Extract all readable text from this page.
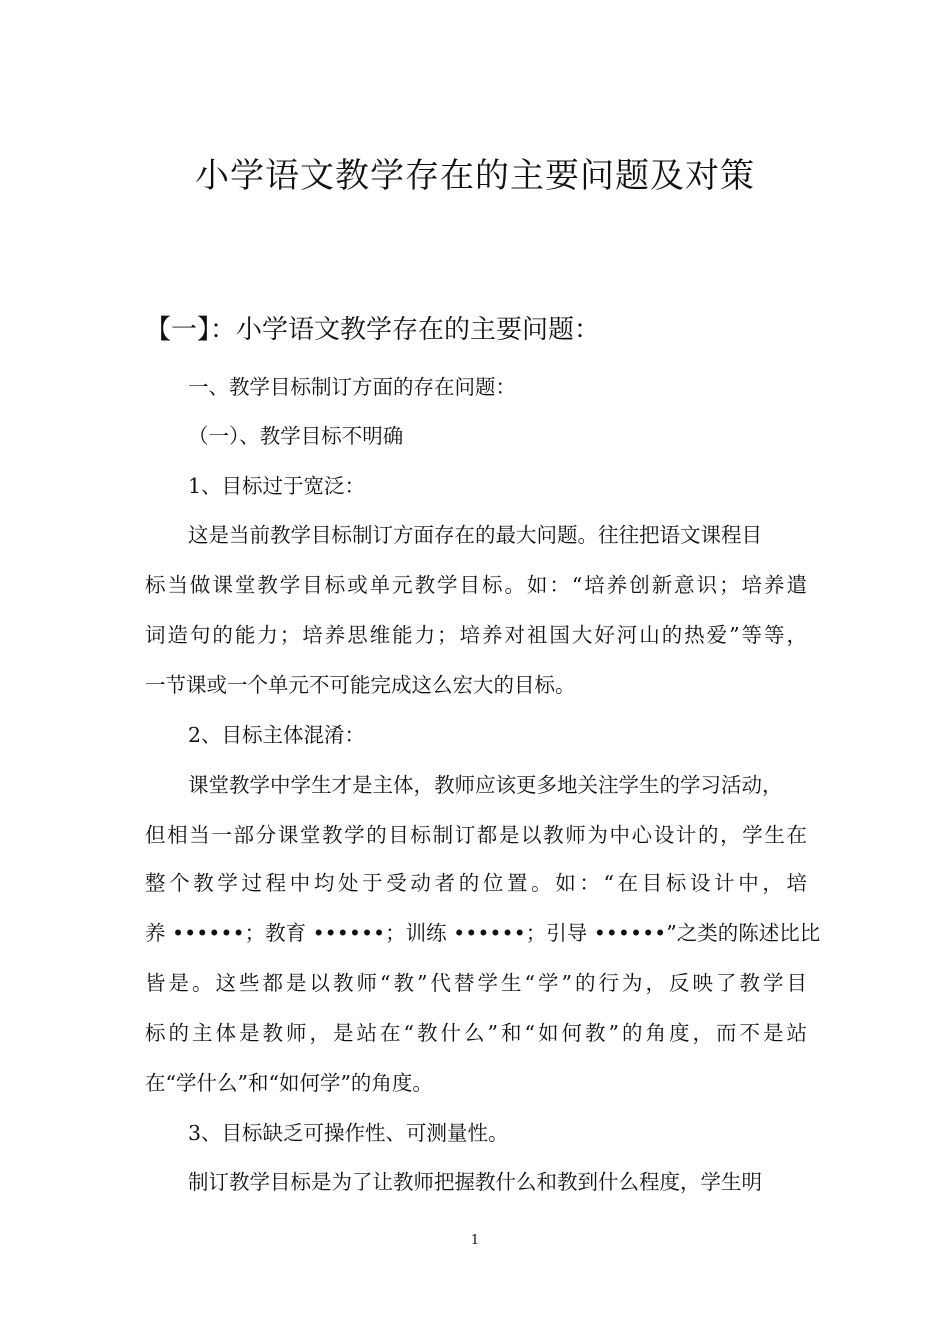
小学语文教学存在的主要问题及对策
【一】：小学语文教学存在的主要问题：

一、教学目标制订方面的存在问题：

（一）、教学目标不明确

1、目标过于宽泛：

这是当前教学目标制订方面存在的最大问题。往往把语文课程目

标当做课堂教学目标或单元教学目标。如：“培养创新意识；培养遣

词造句的能力；培养思维能力；培养对祖国大好河山的热爱”等等，

一节课或一个单元不可能完成这么宏大的目标。

2、目标主体混淆：

课堂教学中学生才是主体，教师应该更多地关注学生的学习活动，

但相当一部分课堂教学的目标制订都是以教师为中心设计的，学生在

整个教学过程中均处于受动者的位置。如：“在目标设计中，培

养 ••••••；教育 ••••••；训练 ••••••；引导 ••••••”之类的陈述比比

皆是。这些都是以教师“教”代替学生“学”的行为，反映了教学目

标的主体是教师，是站在“教什么”和“如何教”的角度，而不是站

在“学什么”和“如何学”的角度。

3、目标缺乏可操作性、可测量性。

制订教学目标是为了让教师把握教什么和教到什么程度，学生明

1
